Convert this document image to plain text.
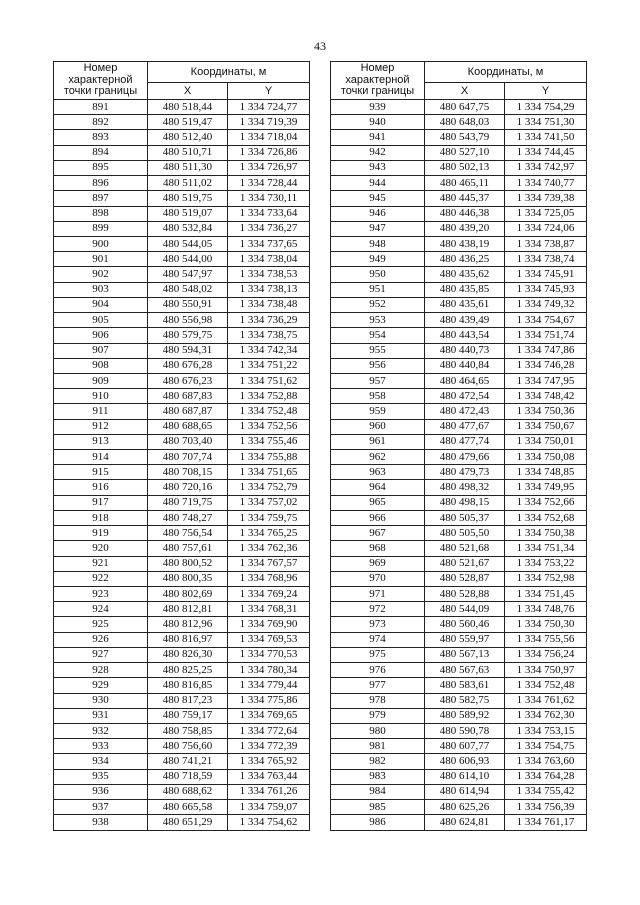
43
Номер
характерной
точки границы	Координаты, м	
	X	Y
891	480 518,44	1 334 724,77
892	480 519,47	1 334 719,39
893	480 512,40	1 334 718,04
894	480 510,71	1 334 726,86
895	480 511,30	1 334 726,97
896	480 511,02	1 334 728,44
897	480 519,75	1 334 730,11
898	480 519,07	1 334 733,64
899	480 532,84	1 334 736,27
900	480 544,05	1 334 737,65
901	480 544,00	1 334 738,04
902	480 547,97	1 334 738,53
903	480 548,02	1 334 738,13
904	480 550,91	1 334 738,48
905	480 556,98	1 334 736,29
906	480 579,75	1 334 738,75
907	480 594,31	1 334 742,34
908	480 676,28	1 334 751,22
909	480 676,23	1 334 751,62
910	480 687,83	1 334 752,88
911	480 687,87	1 334 752,48
912	480 688,65	1 334 752,56
913	480 703,40	1 334 755,46
914	480 707,74	1 334 755,88
915	480 708,15	1 334 751,65
916	480 720,16	1 334 752,79
917	480 719,75	1 334 757,02
918	480 748,27	1 334 759,75
919	480 756,54	1 334 765,25
920	480 757,61	1 334 762,36
921	480 800,52	1 334 767,57
922	480 800,35	1 334 768,96
923	480 802,69	1 334 769,24
924	480 812,81	1 334 768,31
925	480 812,96	1 334 769,90
926	480 816,97	1 334 769,53
927	480 826,30	1 334 770,53
928	480 825,25	1 334 780,34
929	480 816,85	1 334 779,44
930	480 817,23	1 334 775,86
931	480 759,17	1 334 769,65
932	480 758,85	1 334 772,64
933	480 756,60	1 334 772,39
934	480 741,21	1 334 765,92
935	480 718,59	1 334 763,44
936	480 688,62	1 334 761,26
937	480 665,58	1 334 759,07
938	480 651,29	1 334 754,62
Номер
характерной
точки границы	Координаты, м	
	X	Y
939	480 647,75	1 334 754,29
940	480 648,03	1 334 751,30
941	480 543,79	1 334 741,50
942	480 527,10	1 334 744,45
943	480 502,13	1 334 742,97
944	480 465,11	1 334 740,77
945	480 445,37	1 334 739,38
946	480 446,38	1 334 725,05
947	480 439,20	1 334 724,06
948	480 438,19	1 334 738,87
949	480 436,25	1 334 738,74
950	480 435,62	1 334 745,91
951	480 435,85	1 334 745,93
952	480 435,61	1 334 749,32
953	480 439,49	1 334 754,67
954	480 443,54	1 334 751,74
955	480 440,73	1 334 747,86
956	480 440,84	1 334 746,28
957	480 464,65	1 334 747,95
958	480 472,54	1 334 748,42
959	480 472,43	1 334 750,36
960	480 477,67	1 334 750,67
961	480 477,74	1 334 750,01
962	480 479,66	1 334 750,08
963	480 479,73	1 334 748,85
964	480 498,32	1 334 749,95
965	480 498,15	1 334 752,66
966	480 505,37	1 334 752,68
967	480 505,50	1 334 750,38
968	480 521,68	1 334 751,34
969	480 521,67	1 334 753,22
970	480 528,87	1 334 752,98
971	480 528,88	1 334 751,45
972	480 544,09	1 334 748,76
973	480 560,46	1 334 750,30
974	480 559,97	1 334 755,56
975	480 567,13	1 334 756,24
976	480 567,63	1 334 750,97
977	480 583,61	1 334 752,48
978	480 582,75	1 334 761,62
979	480 589,92	1 334 762,30
980	480 590,78	1 334 753,15
981	480 607,77	1 334 754,75
982	480 606,93	1 334 763,60
983	480 614,10	1 334 764,28
984	480 614,94	1 334 755,42
985	480 625,26	1 334 756,39
986	480 624,81	1 334 761,17
